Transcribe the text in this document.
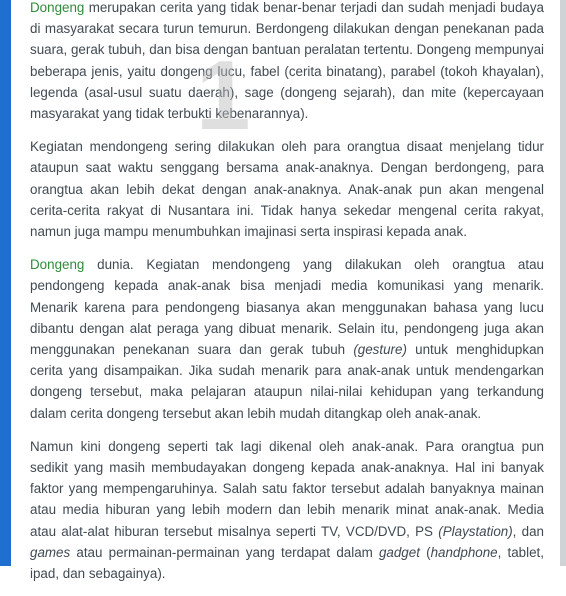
Dongeng merupakan cerita yang tidak benar-benar terjadi dan sudah menjadi budaya di masyarakat secara turun temurun. Berdongeng dilakukan dengan penekanan pada suara, gerak tubuh, dan bisa dengan bantuan peralatan tertentu. Dongeng mempunyai beberapa jenis, yaitu dongeng lucu, fabel (cerita binatang), parabel (tokoh khayalan), legenda (asal-usul suatu daerah), sage (dongeng sejarah), dan mite (kepercayaan masyarakat yang tidak terbukti kebenarannya).

Kegiatan mendongeng sering dilakukan oleh para orangtua disaat menjelang tidur ataupun saat waktu senggang bersama anak-anaknya. Dengan berdongeng, para orangtua akan lebih dekat dengan anak-anaknya. Anak-anak pun akan mengenal cerita-cerita rakyat di Nusantara ini. Tidak hanya sekedar mengenal cerita rakyat, namun juga mampu menumbuhkan imajinasi serta inspirasi kepada anak.

Dongeng dunia. Kegiatan mendongeng yang dilakukan oleh orangtua atau pendongeng kepada anak-anak bisa menjadi media komunikasi yang menarik. Menarik karena para pendongeng biasanya akan menggunakan bahasa yang lucu dibantu dengan alat peraga yang dibuat menarik. Selain itu, pendongeng juga akan menggunakan penekanan suara dan gerak tubuh (gesture) untuk menghidupkan cerita yang disampaikan. Jika sudah menarik para anak-anak untuk mendengarkan dongeng tersebut, maka pelajaran ataupun nilai-nilai kehidupan yang terkandung dalam cerita dongeng tersebut akan lebih mudah ditangkap oleh anak-anak.

Namun kini dongeng seperti tak lagi dikenal oleh anak-anak. Para orangtua pun sedikit yang masih membudayakan dongeng kepada anak-anaknya. Hal ini banyak faktor yang mempengaruhinya. Salah satu faktor tersebut adalah banyaknya mainan atau media hiburan yang lebih modern dan lebih menarik minat anak-anak. Media atau alat-alat hiburan tersebut misalnya seperti TV, VCD/DVD, PS (Playstation), dan games atau permainan-permainan yang terdapat dalam gadget (handphone, tablet, ipad, dan sebagainya).

1
